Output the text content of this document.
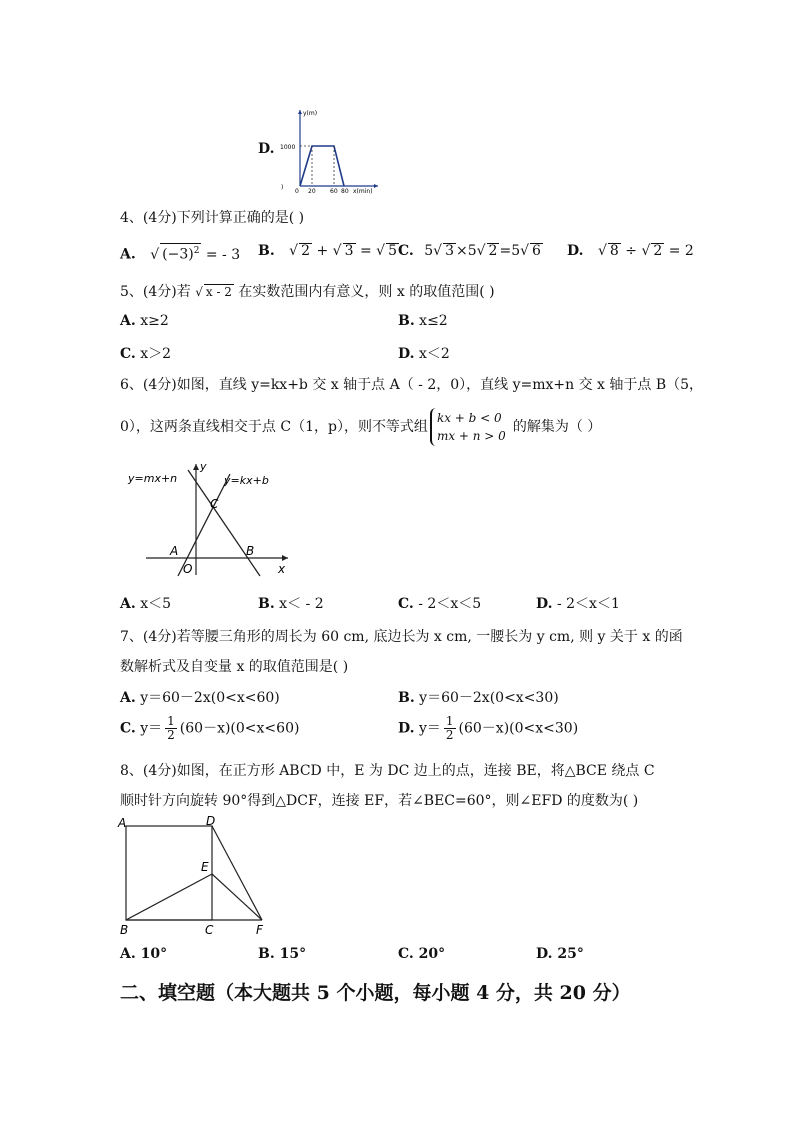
D.
y(m)
1000
)
0 20 60 80 x(min)
4、(4分)下列计算正确的是( )
A. √ $(-3)^2$ = - 3 B. √ 2 + √ 3 = √ 5 C. 5√ 3 ×5√ 2 =5√ 6 D. √ 8 ÷ √ 2 = 2
5、(4分)若 √ x - 2 在实数范围内有意义，则 x 的取值范围( )
A. x≥2	B. x≤2
C. x＞2	D. x＜2
6、(4分)如图，直线 y=kx+b 交 x 轴于点 A（ - 2，0），直线 y=mx+n 交 x 轴于点 B（5，
0），这两条直线相交于点 C（1，p），则不等式组
kx + b < 0
mx + n > 0
的解集为（ ）
y=mx+n	y=kx+b
y
x
C
A	B
O
A. x＜5	B. x＜ - 2	C. - 2＜x＜5	D. - 2＜x＜1
7、(4分)若等腰三角形的周长为 60 cm, 底边长为 x cm, 一腰长为 y cm, 则 y 关于 x 的函
数解析式及自变量 x 的取值范围是( )
A. y＝60－2x(0<x<60)	B. y＝60－2x(0<x<30)
C. $y= \frac{1}{2} (60-x)(0<x<60)$	D. $y= \frac{1}{2} (60-x)(0<x<30)$
8、(4分)如图，在正方形 ABCD 中，E 为 DC 边上的点，连接 BE，将△BCE 绕点 C
顺时针方向旋转 90°得到△DCF，连接 EF，若∠BEC=60°，则∠EFD 的度数为( )
A	D
E
B	C	F
A. 10°	B. 15°	C. 20°	D. 25°
二、填空题（本大题共 5 个小题，每小题 4 分，共 20 分）
